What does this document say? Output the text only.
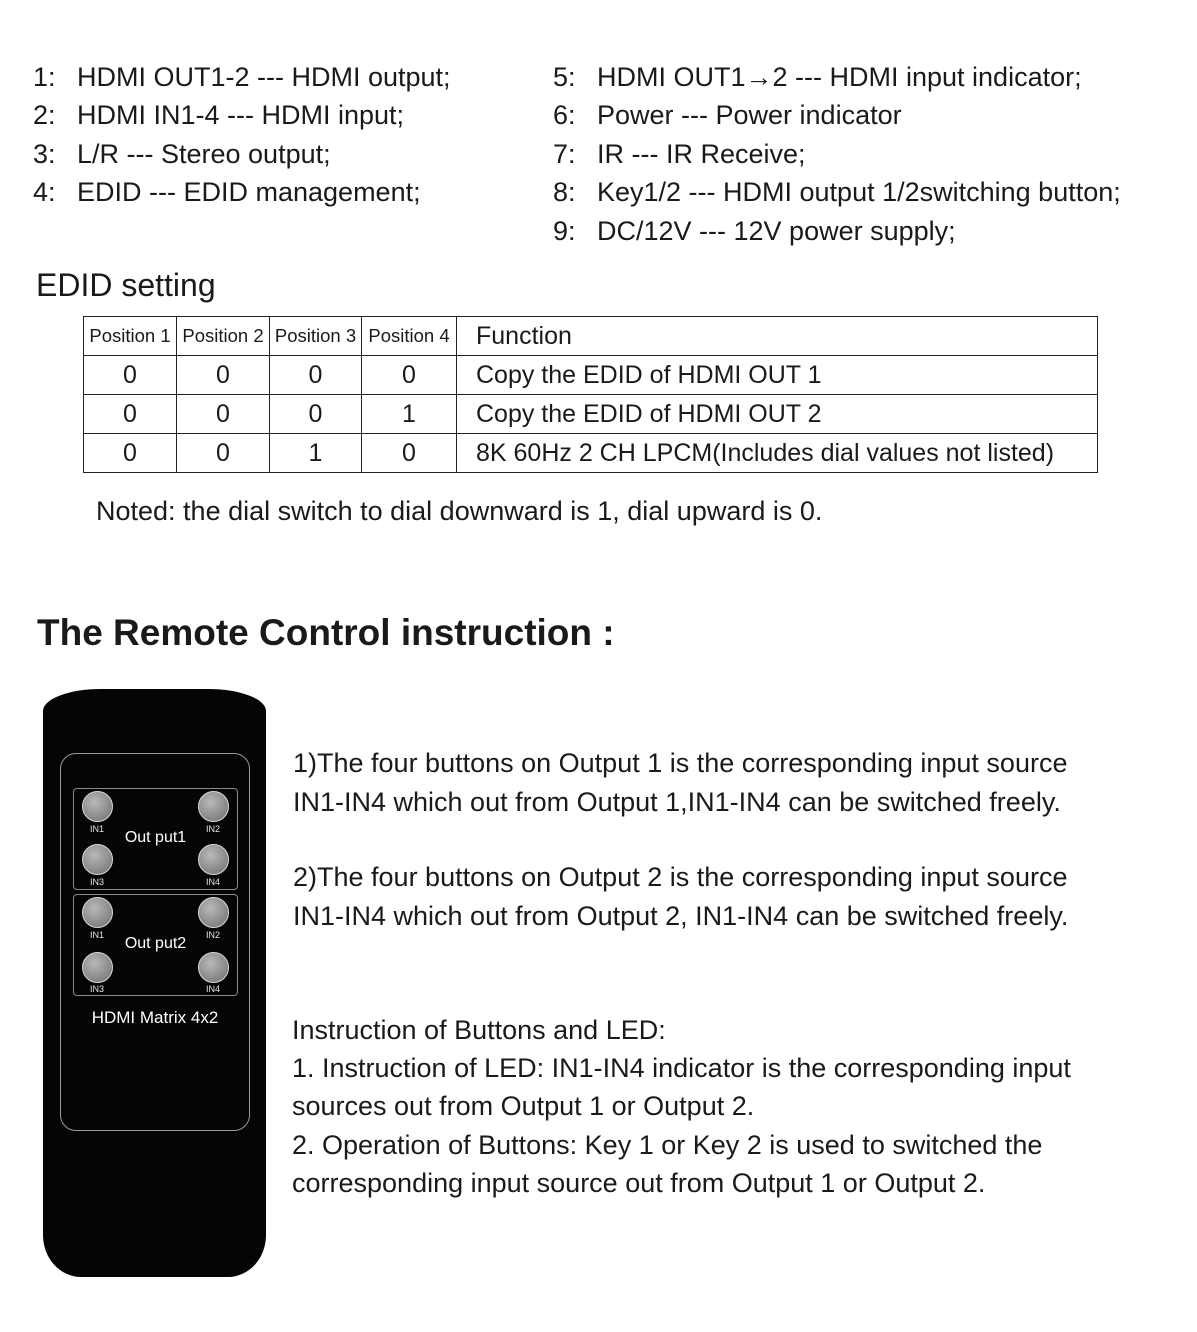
1: HDMI OUT1-2 --- HDMI output;
2: HDMI IN1-4 --- HDMI input;
3: L/R --- Stereo output;
4: EDID --- EDID management;
5: HDMI OUT1→2 --- HDMI input indicator;
6: Power --- Power indicator
7: IR --- IR Receive;
8: Key1/2 --- HDMI output 1/2switching button;
9: DC/12V --- 12V power supply;
EDID setting
Position 1	Position 2	Position 3	Position 4	Function
0	0	0	0	Copy the EDID of HDMI OUT 1
0	0	0	1	Copy the EDID of HDMI OUT 2
0	0	1	0	8K 60Hz 2 CH LPCM(Includes dial values not listed)
Noted: the dial switch to dial downward is 1, dial upward is 0.
The Remote Control instruction :
IN1	IN2
IN3	IN4
Out put1
IN1	IN2
IN3	IN4
Out put2
HDMI Matrix 4x2
1)The four buttons on Output 1 is the corresponding input source
IN1-IN4 which out from Output 1,IN1-IN4 can be switched freely.
2)The four buttons on Output 2 is the corresponding input source
IN1-IN4 which out from Output 2, IN1-IN4 can be switched freely.
Instruction of Buttons and LED:
1. Instruction of LED: IN1-IN4 indicator is the corresponding input
sources out from Output 1 or Output 2.
2. Operation of Buttons: Key 1 or Key 2 is used to switched the
corresponding input source out from Output 1 or Output 2.
